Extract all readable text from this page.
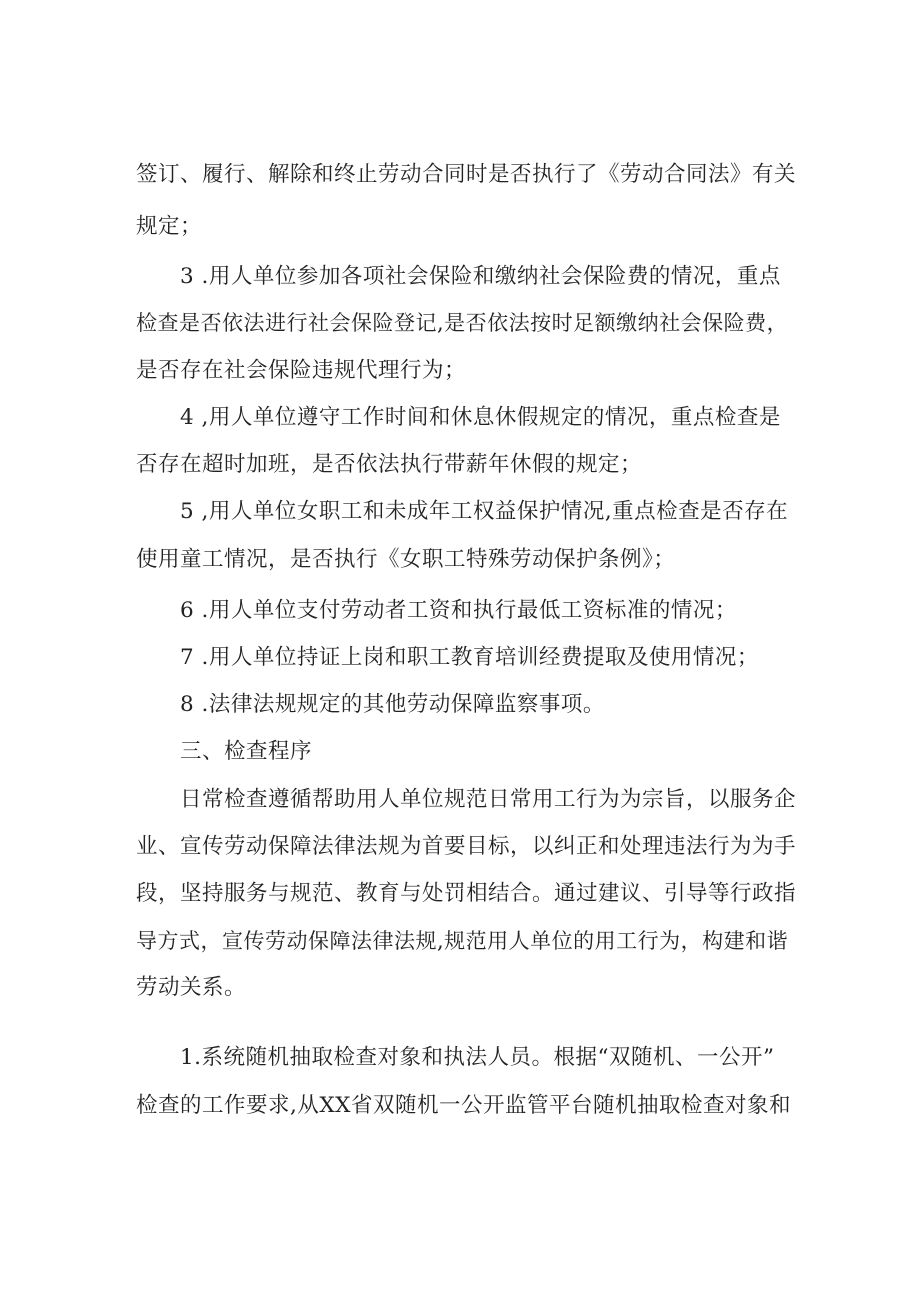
签订、履行、解除和终止劳动合同时是否执行了《劳动合同法》有关
规定；
3 .用人单位参加各项社会保险和缴纳社会保险费的情况，重点
检查是否依法进行社会保险登记,是否依法按时足额缴纳社会保险费，
是否存在社会保险违规代理行为；
4 ,用人单位遵守工作时间和休息休假规定的情况，重点检查是
否存在超时加班，是否依法执行带薪年休假的规定；
5 ,用人单位女职工和未成年工权益保护情况,重点检查是否存在
使用童工情况，是否执行《女职工特殊劳动保护条例》；
6 .用人单位支付劳动者工资和执行最低工资标准的情况；
7 .用人单位持证上岗和职工教育培训经费提取及使用情况；
8 .法律法规规定的其他劳动保障监察事项。
三、检查程序
日常检查遵循帮助用人单位规范日常用工行为为宗旨，以服务企
业、宣传劳动保障法律法规为首要目标，以纠正和处理违法行为为手
段，坚持服务与规范、教育与处罚相结合。通过建议、引导等行政指
导方式，宣传劳动保障法律法规,规范用人单位的用工行为，构建和谐
劳动关系。
1.系统随机抽取检查对象和执法人员。根据“双随机、一公开”
检查的工作要求,从XX省双随机一公开监管平台随机抽取检查对象和
